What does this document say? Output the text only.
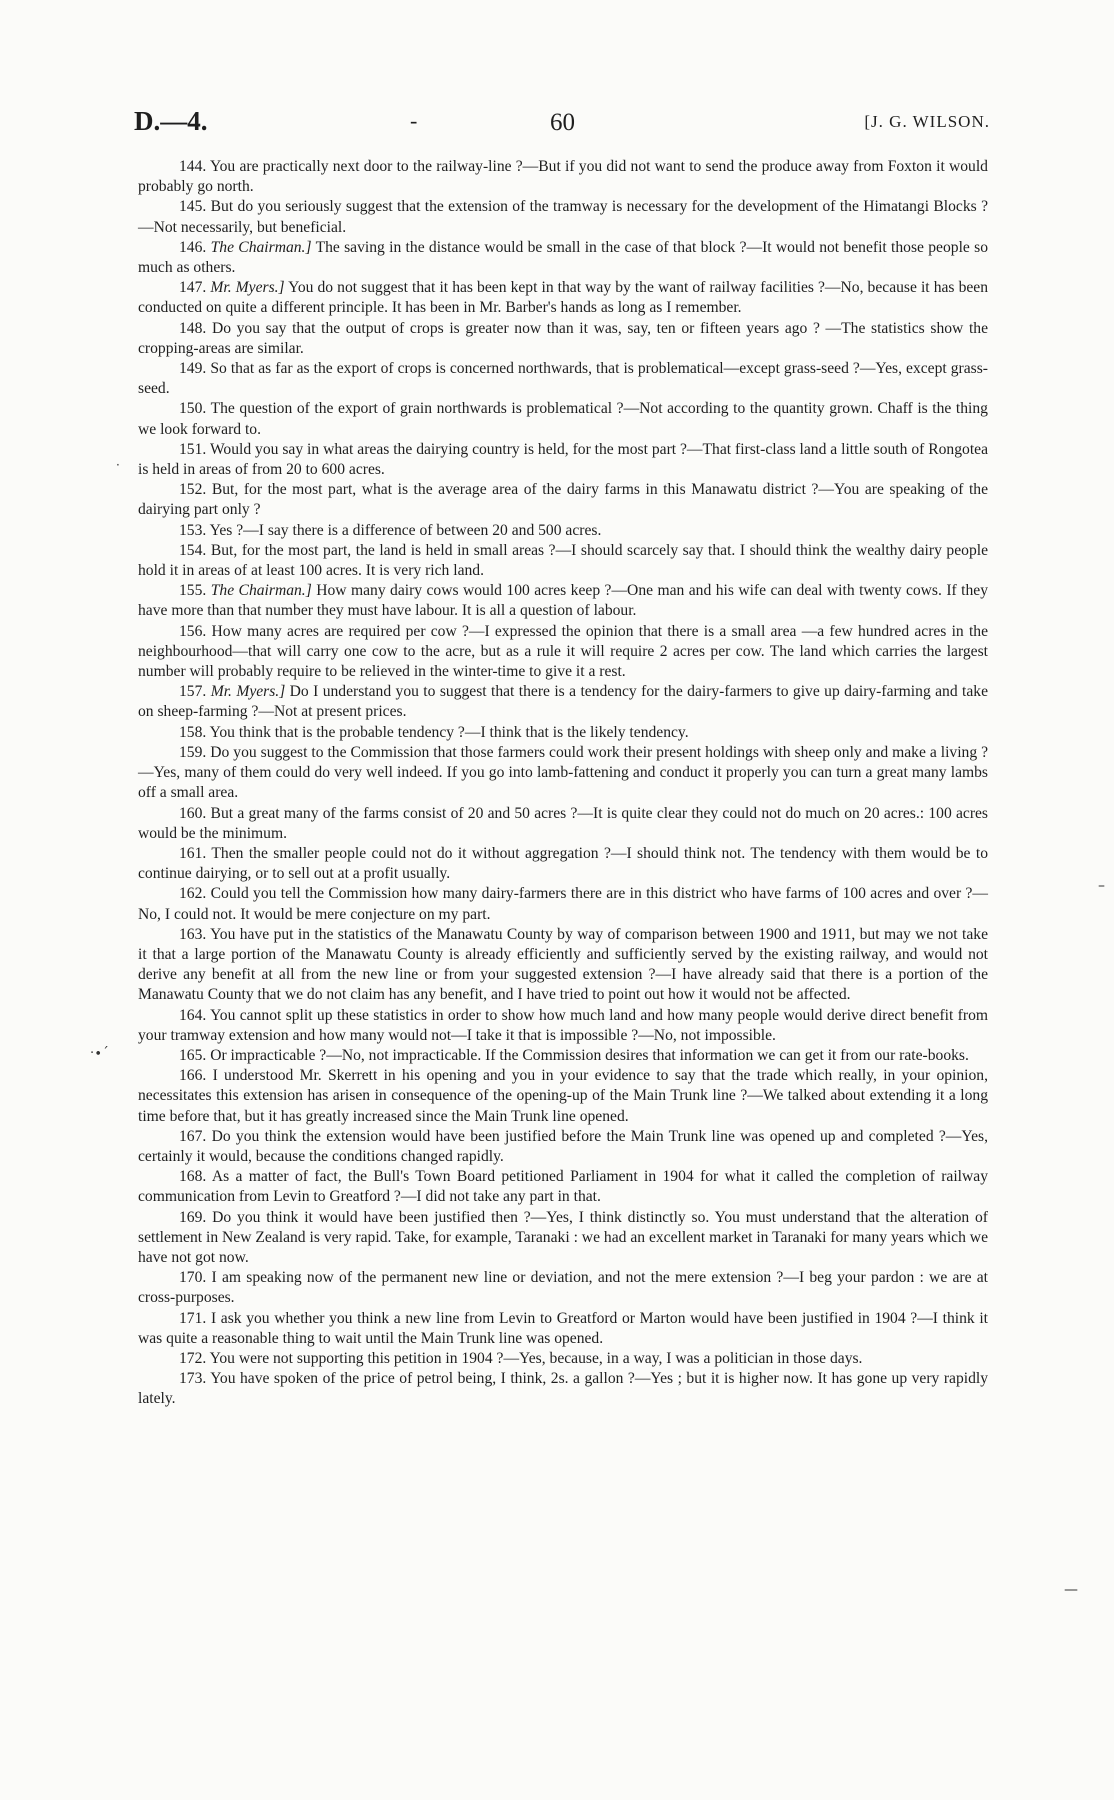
D.—4.	-	60	[J. G. WILSON.

144. You are practically next door to the railway-line ?—But if you did not want to send the produce away from Foxton it would probably go north.

145. But do you seriously suggest that the extension of the tramway is necessary for the development of the Himatangi Blocks ?—Not necessarily, but beneficial.

146. The Chairman.] The saving in the distance would be small in the case of that block ?—It would not benefit those people so much as others.

147. Mr. Myers.] You do not suggest that it has been kept in that way by the want of railway facilities ?—No, because it has been conducted on quite a different principle. It has been in Mr. Barber's hands as long as I remember.

148. Do you say that the output of crops is greater now than it was, say, ten or fifteen years ago ? —The statistics show the cropping-areas are similar.

149. So that as far as the export of crops is concerned northwards, that is problematical—except grass-seed ?—Yes, except grass-seed.

150. The question of the export of grain northwards is problematical ?—Not according to the quantity grown. Chaff is the thing we look forward to.

151. Would you say in what areas the dairying country is held, for the most part ?—That first-class land a little south of Rongotea is held in areas of from 20 to 600 acres.

152. But, for the most part, what is the average area of the dairy farms in this Manawatu district ?—You are speaking of the dairying part only ?

153. Yes ?—I say there is a difference of between 20 and 500 acres.

154. But, for the most part, the land is held in small areas ?—I should scarcely say that. I should think the wealthy dairy people hold it in areas of at least 100 acres. It is very rich land.

155. The Chairman.] How many dairy cows would 100 acres keep ?—One man and his wife can deal with twenty cows. If they have more than that number they must have labour. It is all a question of labour.

156. How many acres are required per cow ?—I expressed the opinion that there is a small area —a few hundred acres in the neighbourhood—that will carry one cow to the acre, but as a rule it will require 2 acres per cow. The land which carries the largest number will probably require to be relieved in the winter-time to give it a rest.

157. Mr. Myers.] Do I understand you to suggest that there is a tendency for the dairy-farmers to give up dairy-farming and take on sheep-farming ?—Not at present prices.

158. You think that is the probable tendency ?—I think that is the likely tendency.

159. Do you suggest to the Commission that those farmers could work their present holdings with sheep only and make a living ?—Yes, many of them could do very well indeed. If you go into lamb-fattening and conduct it properly you can turn a great many lambs off a small area.

160. But a great many of the farms consist of 20 and 50 acres ?—It is quite clear they could not do much on 20 acres.: 100 acres would be the minimum.

161. Then the smaller people could not do it without aggregation ?—I should think not. The tendency with them would be to continue dairying, or to sell out at a profit usually.

162. Could you tell the Commission how many dairy-farmers there are in this district who have farms of 100 acres and over ?—No, I could not. It would be mere conjecture on my part.

163. You have put in the statistics of the Manawatu County by way of comparison between 1900 and 1911, but may we not take it that a large portion of the Manawatu County is already efficiently and sufficiently served by the existing railway, and would not derive any benefit at all from the new line or from your suggested extension ?—I have already said that there is a portion of the Manawatu County that we do not claim has any benefit, and I have tried to point out how it would not be affected.

164. You cannot split up these statistics in order to show how much land and how many people would derive direct benefit from your tramway extension and how many would not—I take it that is impossible ?—No, not impossible.

165. Or impracticable ?—No, not impracticable. If the Commission desires that information we can get it from our rate-books.

166. I understood Mr. Skerrett in his opening and you in your evidence to say that the trade which really, in your opinion, necessitates this extension has arisen in consequence of the opening-up of the Main Trunk line ?—We talked about extending it a long time before that, but it has greatly increased since the Main Trunk line opened.

167. Do you think the extension would have been justified before the Main Trunk line was opened up and completed ?—Yes, certainly it would, because the conditions changed rapidly.

168. As a matter of fact, the Bull's Town Board petitioned Parliament in 1904 for what it called the completion of railway communication from Levin to Greatford ?—I did not take any part in that.

169. Do you think it would have been justified then ?—Yes, I think distinctly so. You must understand that the alteration of settlement in New Zealand is very rapid. Take, for example, Taranaki : we had an excellent market in Taranaki for many years which we have not got now.

170. I am speaking now of the permanent new line or deviation, and not the mere extension ?—I beg your pardon : we are at cross-purposes.

171. I ask you whether you think a new line from Levin to Greatford or Marton would have been justified in 1904 ?—I think it was quite a reasonable thing to wait until the Main Trunk line was opened.

172. You were not supporting this petition in 1904 ?—Yes, because, in a way, I was a politician in those days.

173. You have spoken of the price of petrol being, I think, 2s. a gallon ?—Yes ; but it is higher now. It has gone up very rapidly lately.

·
·∙´
–
—
